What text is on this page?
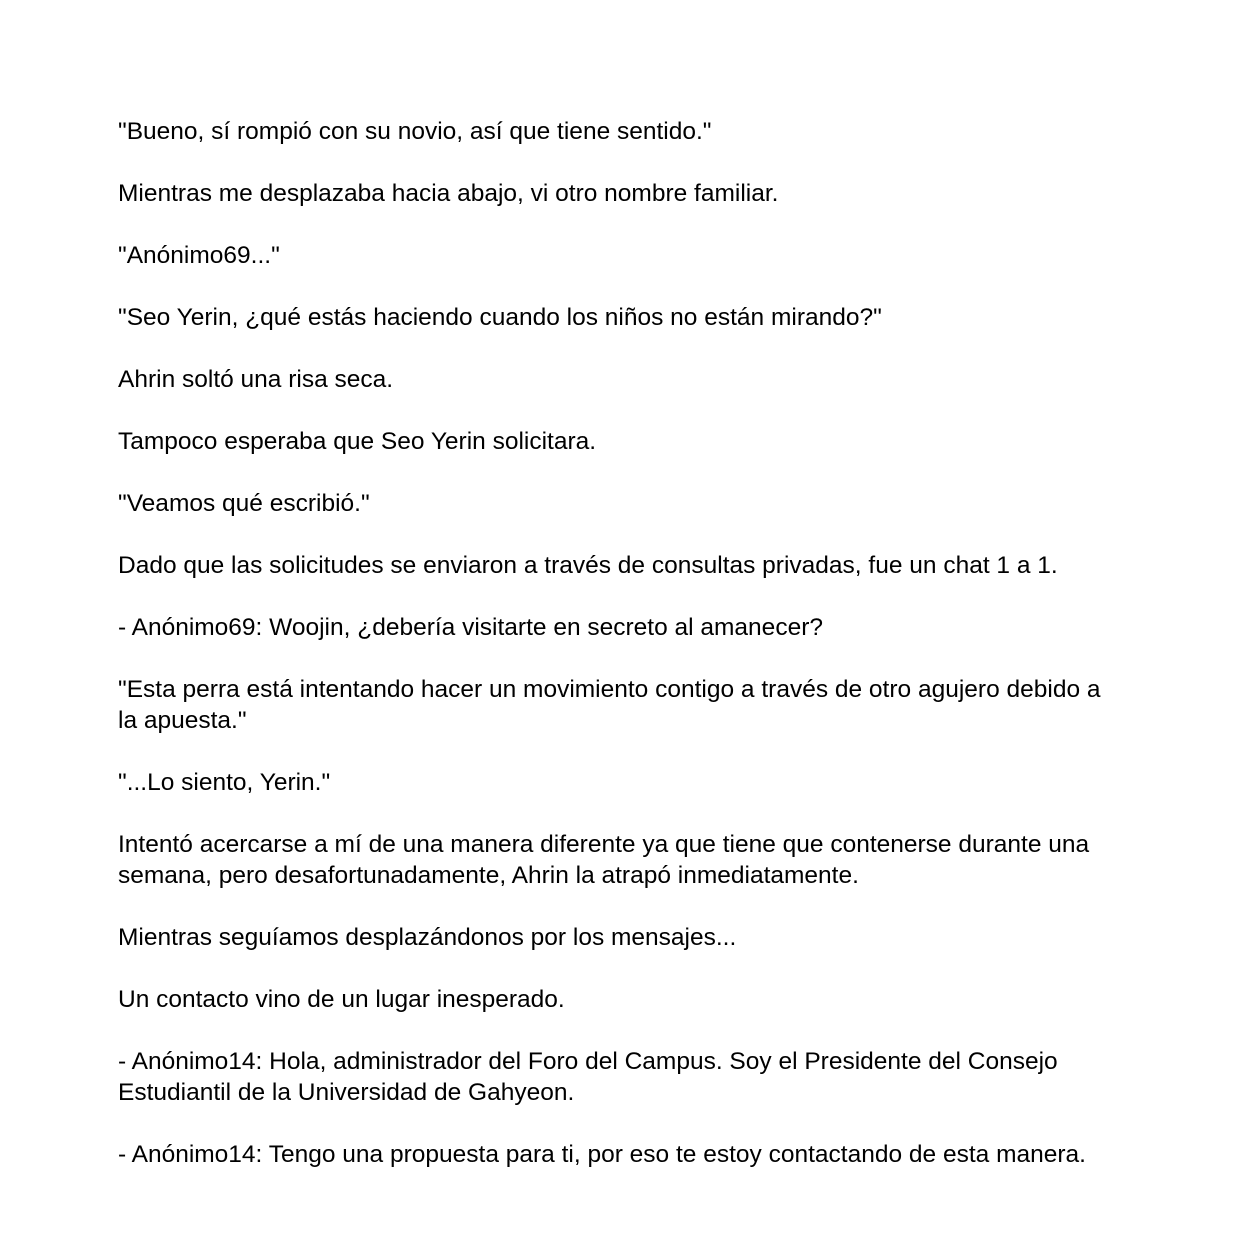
"Bueno, sí rompió con su novio, así que tiene sentido."

Mientras me desplazaba hacia abajo, vi otro nombre familiar.

"Anónimo69..."

"Seo Yerin, ¿qué estás haciendo cuando los niños no están mirando?"

Ahrin soltó una risa seca.

Tampoco esperaba que Seo Yerin solicitara.

"Veamos qué escribió."

Dado que las solicitudes se enviaron a través de consultas privadas, fue un chat 1 a 1.

- Anónimo69: Woojin, ¿debería visitarte en secreto al amanecer?

"Esta perra está intentando hacer un movimiento contigo a través de otro agujero debido a la apuesta."

"...Lo siento, Yerin."

Intentó acercarse a mí de una manera diferente ya que tiene que contenerse durante una semana, pero desafortunadamente, Ahrin la atrapó inmediatamente.

Mientras seguíamos desplazándonos por los mensajes...

Un contacto vino de un lugar inesperado.

- Anónimo14: Hola, administrador del Foro del Campus. Soy el Presidente del Consejo Estudiantil de la Universidad de Gahyeon.

- Anónimo14: Tengo una propuesta para ti, por eso te estoy contactando de esta manera.
